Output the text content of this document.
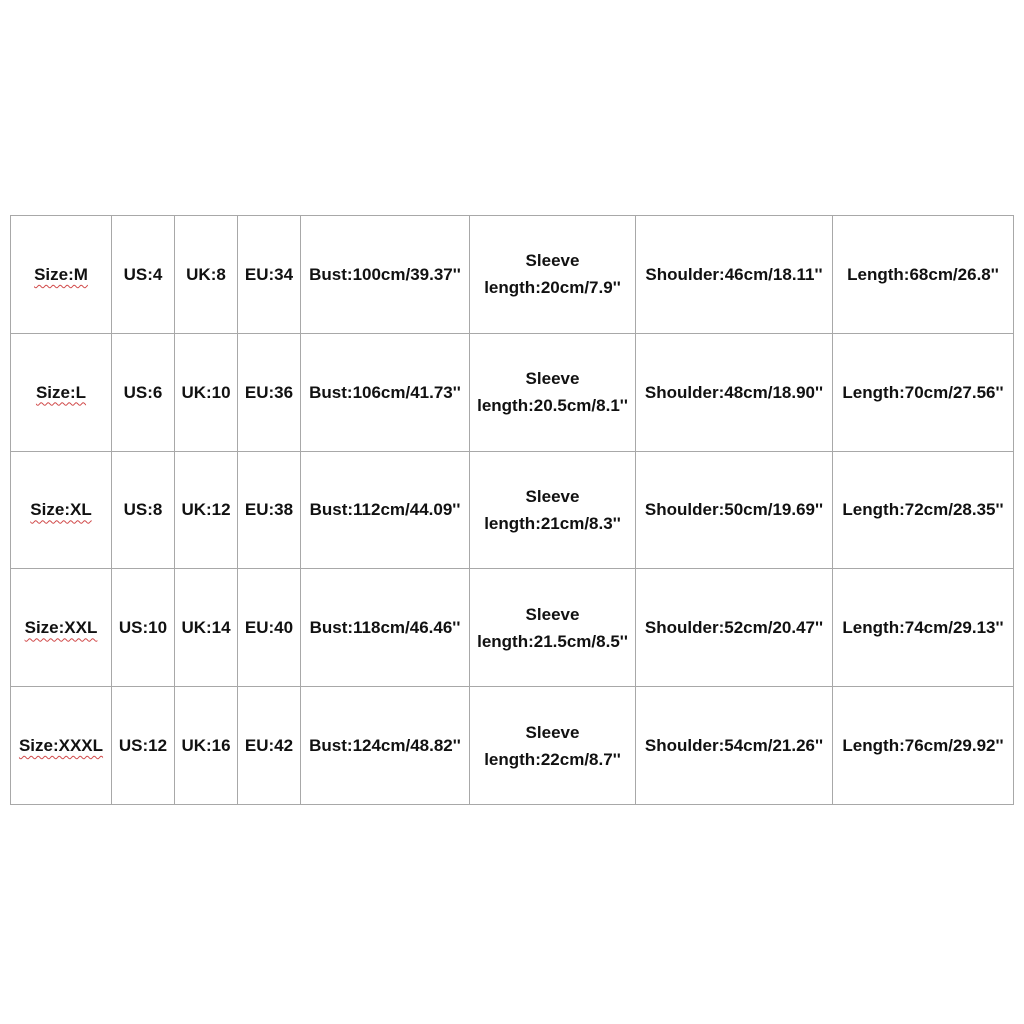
Size:M	US:4	UK:8	EU:34	Bust:100cm/39.37''	Sleeve
length:20cm/7.9''	Shoulder:46cm/18.11''	Length:68cm/26.8''
Size:L	US:6	UK:10	EU:36	Bust:106cm/41.73''	Sleeve
length:20.5cm/8.1''	Shoulder:48cm/18.90''	Length:70cm/27.56''
Size:XL	US:8	UK:12	EU:38	Bust:112cm/44.09''	Sleeve
length:21cm/8.3''	Shoulder:50cm/19.69''	Length:72cm/28.35''
Size:XXL	US:10	UK:14	EU:40	Bust:118cm/46.46''	Sleeve
length:21.5cm/8.5''	Shoulder:52cm/20.47''	Length:74cm/29.13''
Size:XXXL	US:12	UK:16	EU:42	Bust:124cm/48.82''	Sleeve
length:22cm/8.7''	Shoulder:54cm/21.26''	Length:76cm/29.92''
